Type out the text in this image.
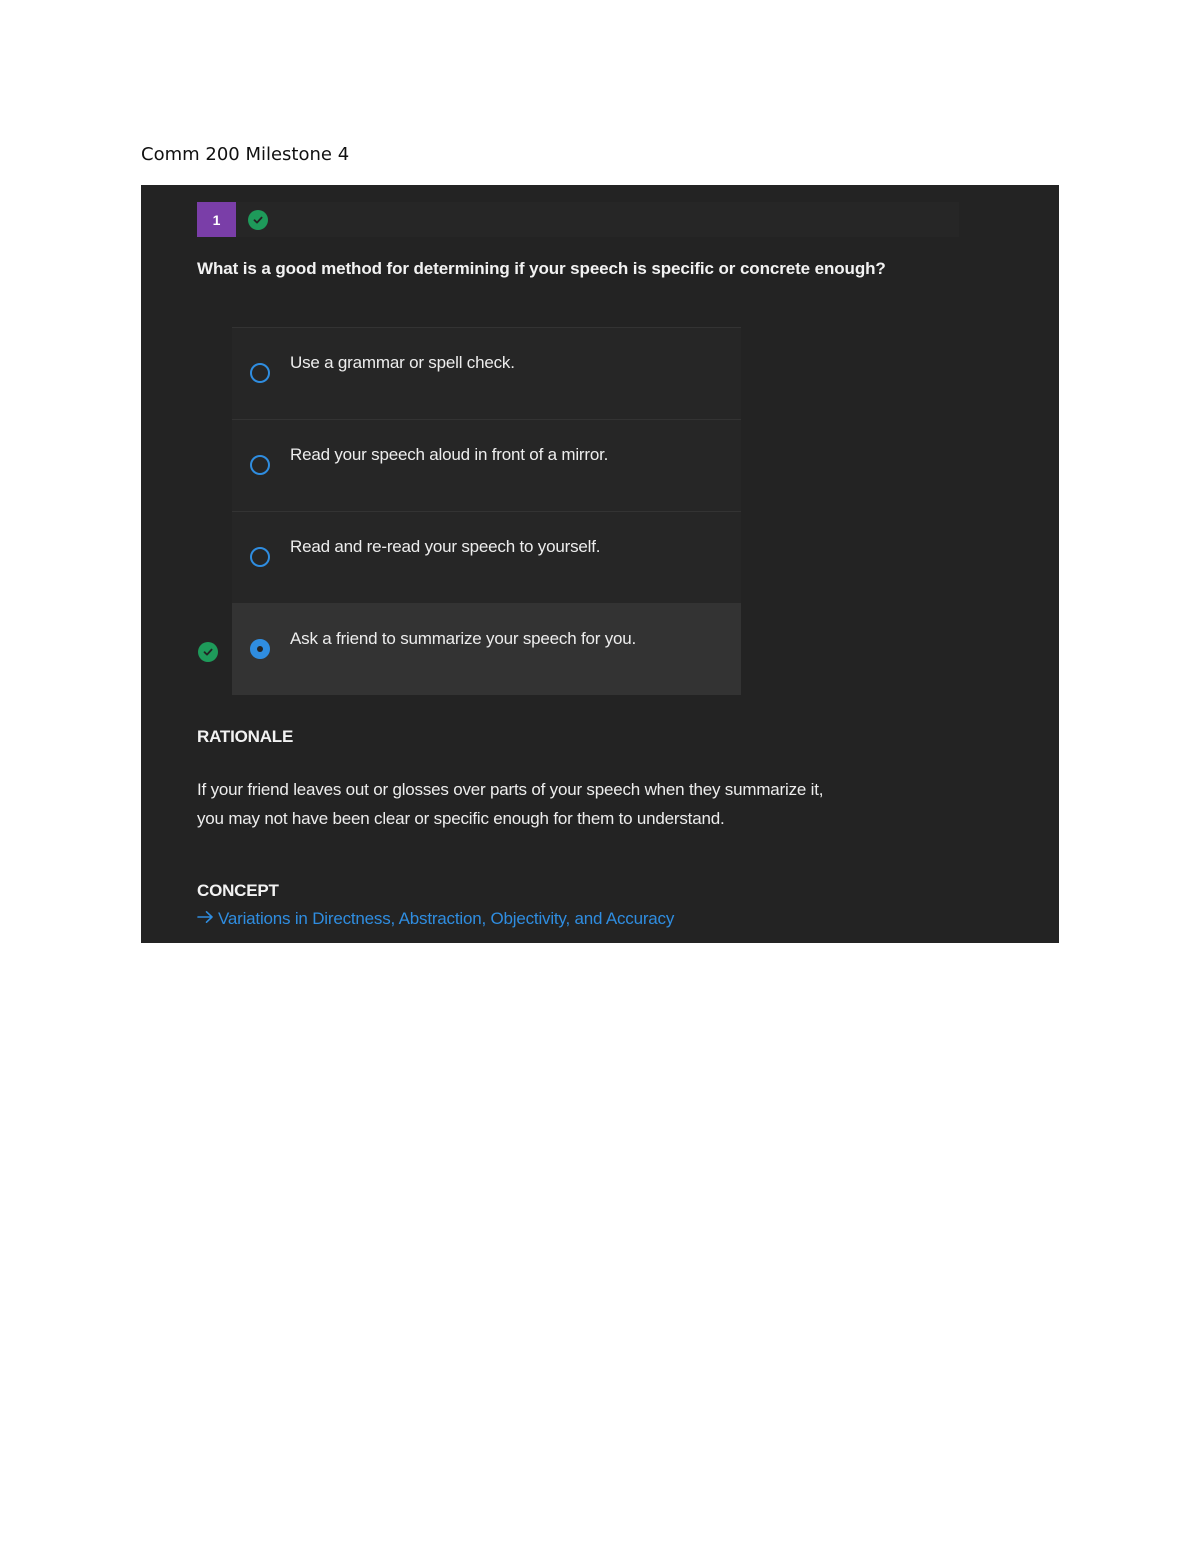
Comm 200 Milestone 4
1
What is a good method for determining if your speech is specific or concrete enough?
Use a grammar or spell check.
Read your speech aloud in front of a mirror.
Read and re-read your speech to yourself.
Ask a friend to summarize your speech for you.
RATIONALE
If your friend leaves out or glosses over parts of your speech when they summarize it,
you may not have been clear or specific enough for them to understand.
CONCEPT
Variations in Directness, Abstraction, Objectivity, and Accuracy
